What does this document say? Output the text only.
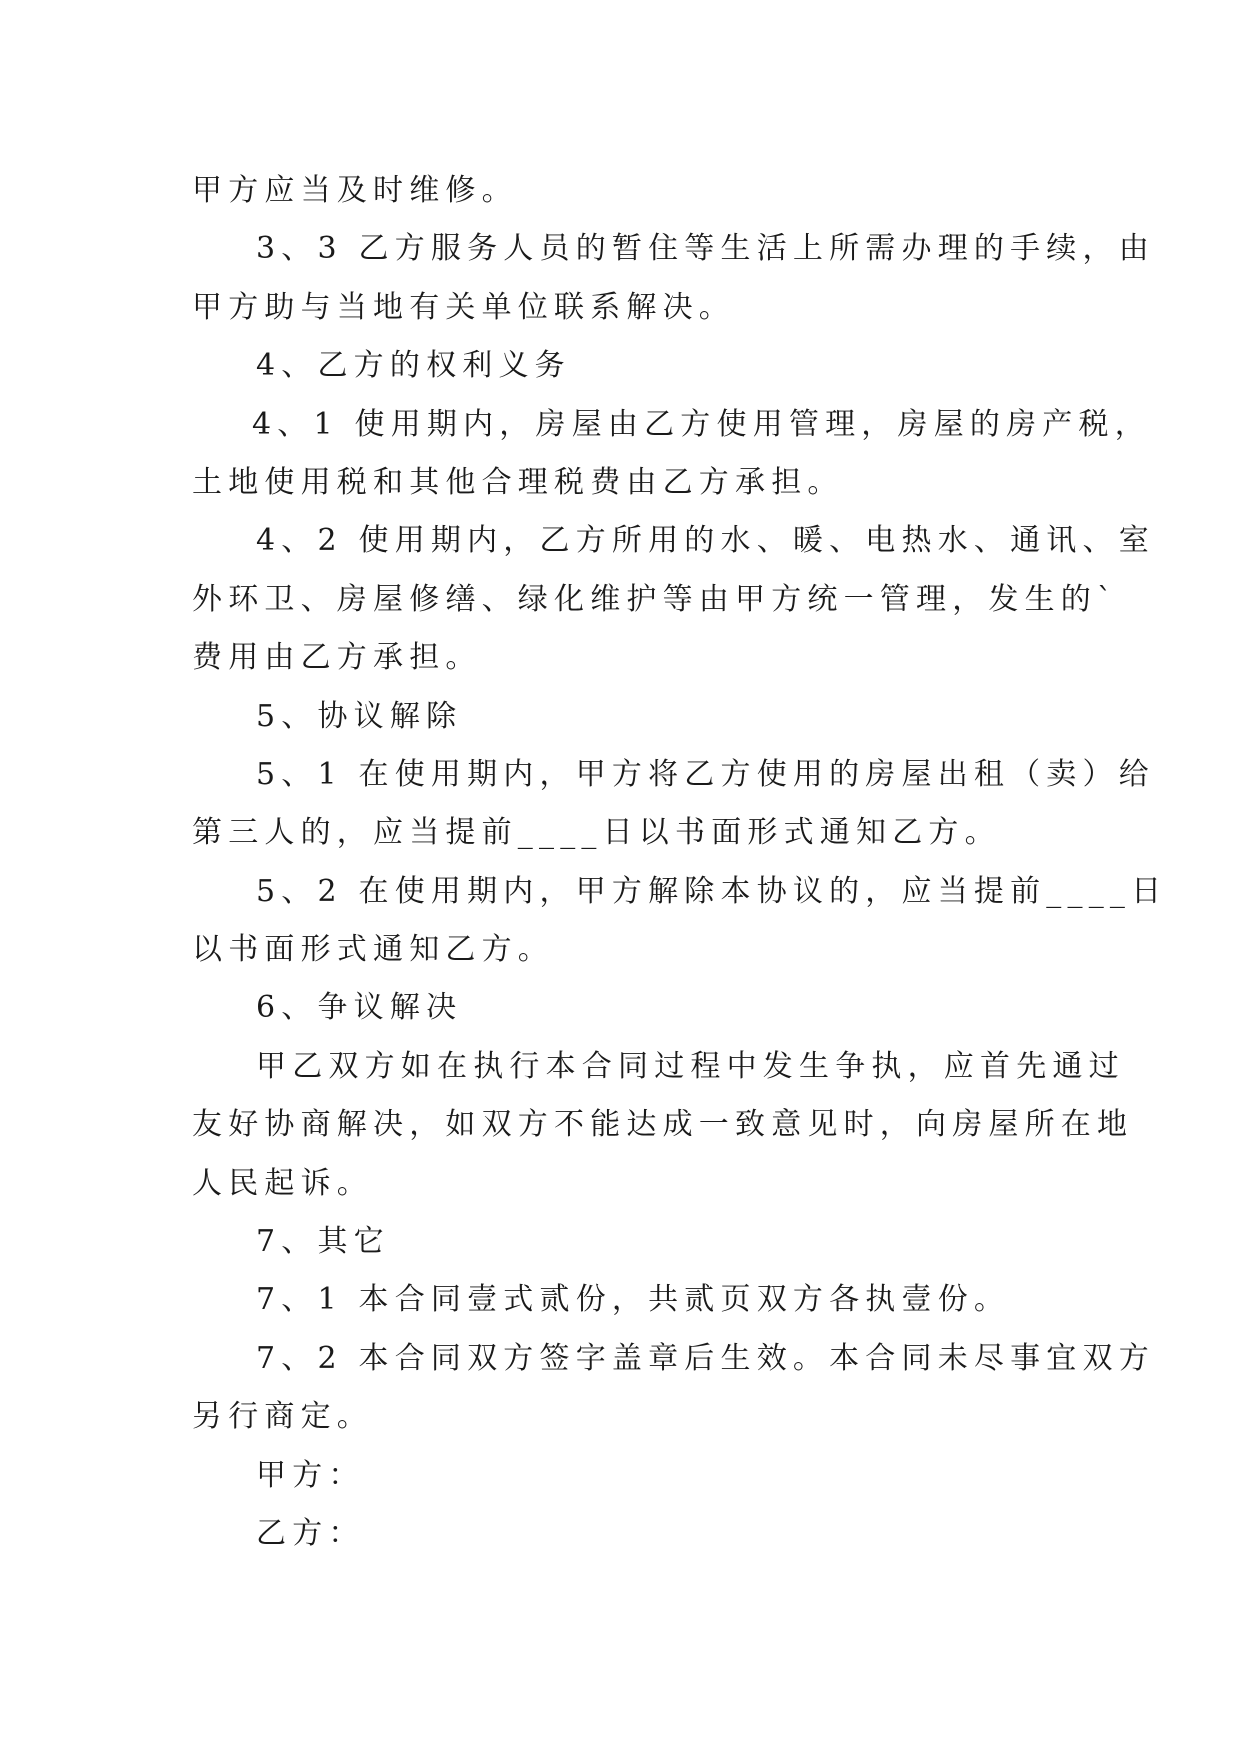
甲方应当及时维修。
3、3 乙方服务人员的暂住等生活上所需办理的手续，由
甲方助与当地有关单位联系解决。
4、乙方的权利义务
4、1 使用期内，房屋由乙方使用管理，房屋的房产税，
土地使用税和其他合理税费由乙方承担。
4、2 使用期内，乙方所用的水、暖、电热水、通讯、室
外环卫、房屋修缮、绿化维护等由甲方统一管理，发生的`
费用由乙方承担。
5、协议解除
5、1 在使用期内，甲方将乙方使用的房屋出租（卖）给
第三人的，应当提前____日以书面形式通知乙方。
5、2 在使用期内，甲方解除本协议的，应当提前____日
以书面形式通知乙方。
6、争议解决
甲乙双方如在执行本合同过程中发生争执，应首先通过
友好协商解决，如双方不能达成一致意见时，向房屋所在地
人民起诉。
7、其它
7、1 本合同壹式贰份，共贰页双方各执壹份。
7、2 本合同双方签字盖章后生效。本合同未尽事宜双方
另行商定。
甲方：
乙方：
